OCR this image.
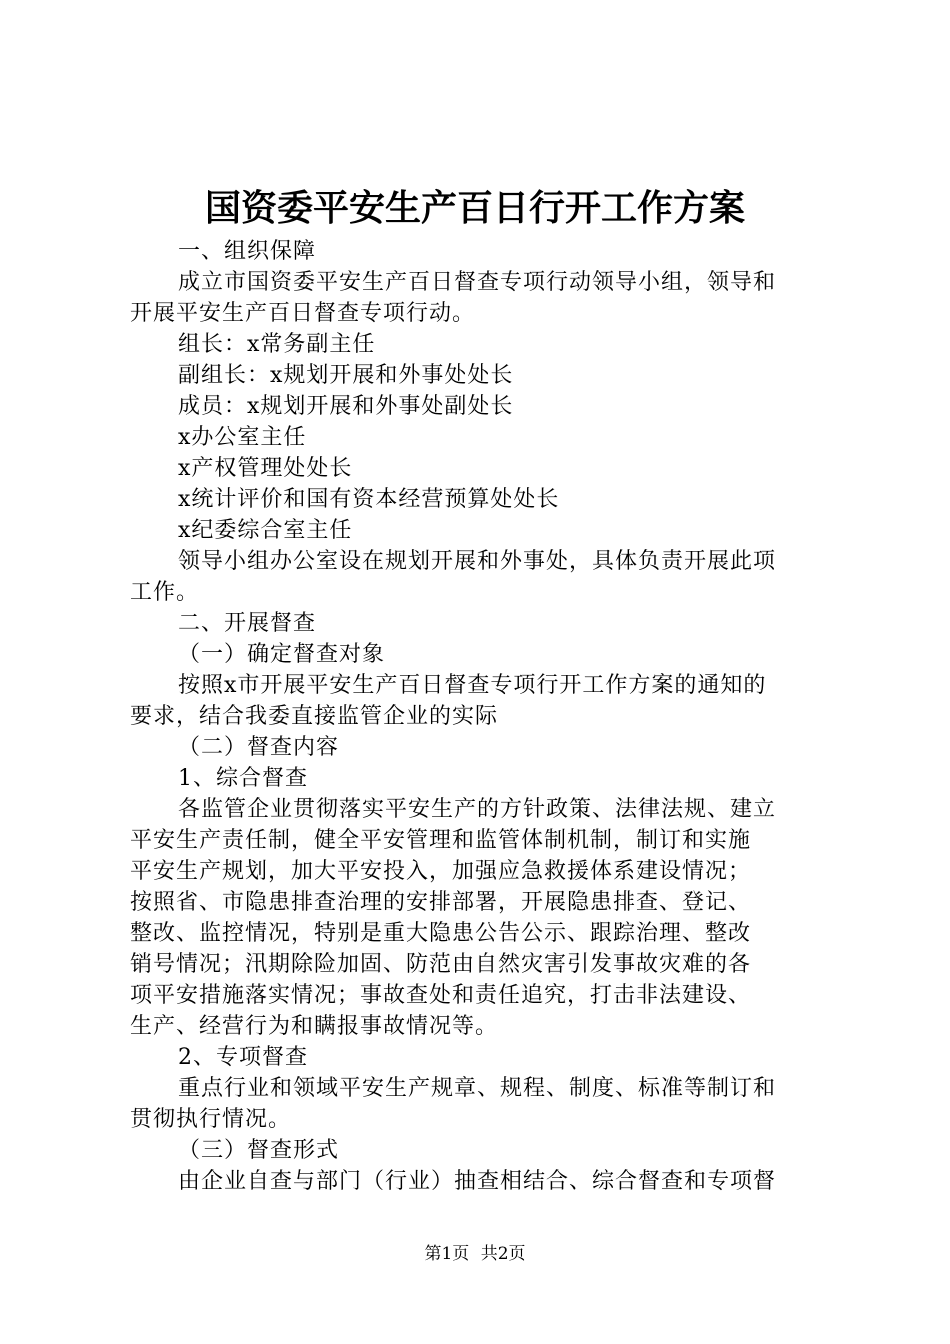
国资委平安生产百日行开工作方案
一、组织保障
成立市国资委平安生产百日督查专项行动领导小组，领导和
开展平安生产百日督查专项行动。
组长：x常务副主任
副组长：x规划开展和外事处处长
成员：x规划开展和外事处副处长
x办公室主任
x产权管理处处长
x统计评价和国有资本经营预算处处长
x纪委综合室主任
领导小组办公室设在规划开展和外事处，具体负责开展此项
工作。
二、开展督查
（一）确定督查对象
按照x市开展平安生产百日督查专项行开工作方案的通知的
要求，结合我委直接监管企业的实际
（二）督查内容
1、综合督查
各监管企业贯彻落实平安生产的方针政策、法律法规、建立
平安生产责任制，健全平安管理和监管体制机制，制订和实施
平安生产规划，加大平安投入，加强应急救援体系建设情况；
按照省、市隐患排查治理的安排部署，开展隐患排查、登记、
整改、监控情况，特别是重大隐患公告公示、跟踪治理、整改
销号情况；汛期除险加固、防范由自然灾害引发事故灾难的各
项平安措施落实情况；事故查处和责任追究，打击非法建设、
生产、经营行为和瞒报事故情况等。
2、专项督查
重点行业和领域平安生产规章、规程、制度、标准等制订和
贯彻执行情况。
（三）督查形式
由企业自查与部门（行业）抽查相结合、综合督查和专项督
第1页 共2页
